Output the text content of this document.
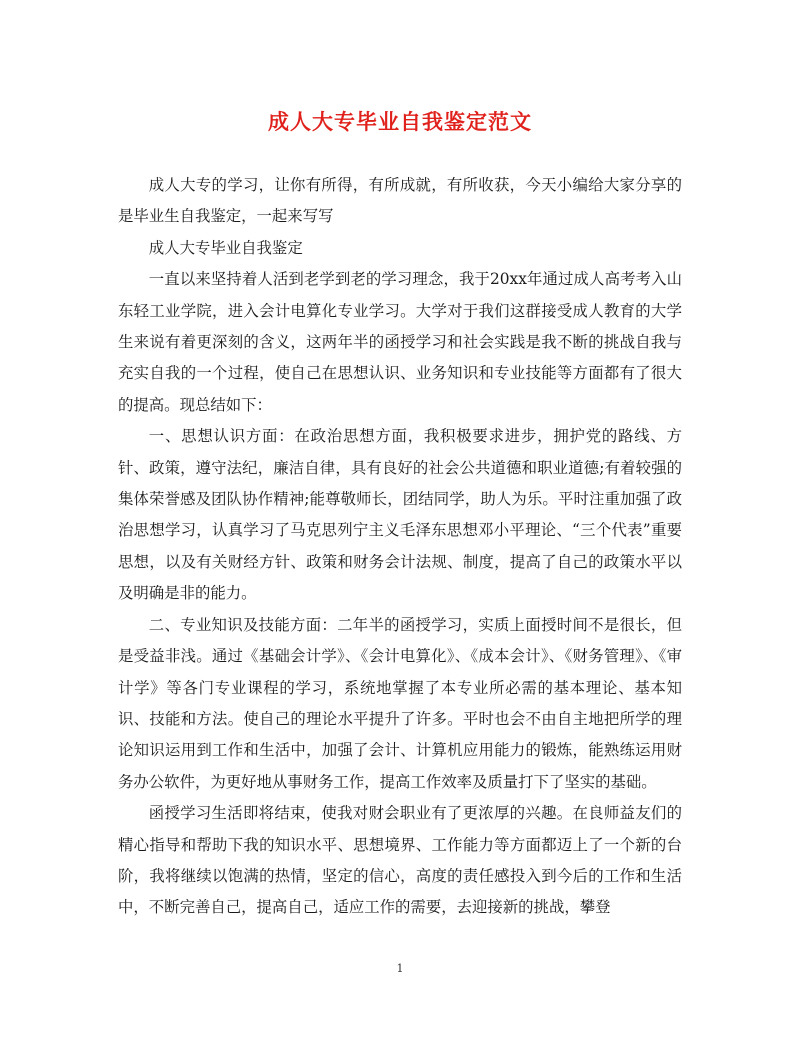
成人大专毕业自我鉴定范文

成人大专的学习，让你有所得，有所成就，有所收获，今天小编给大家分享的是毕业生自我鉴定，一起来写写

成人大专毕业自我鉴定

一直以来坚持着人活到老学到老的学习理念，我于20xx年通过成人高考考入山东轻工业学院，进入会计电算化专业学习。大学对于我们这群接受成人教育的大学生来说有着更深刻的含义，这两年半的函授学习和社会实践是我不断的挑战自我与充实自我的一个过程，使自己在思想认识、业务知识和专业技能等方面都有了很大的提高。现总结如下：

一、思想认识方面：在政治思想方面，我积极要求进步，拥护党的路线、方针、政策，遵守法纪，廉洁自律，具有良好的社会公共道德和职业道德;有着较强的集体荣誉感及团队协作精神;能尊敬师长，团结同学，助人为乐。平时注重加强了政治思想学习，认真学习了马克思列宁主义毛泽东思想邓小平理论、“三个代表”重要思想，以及有关财经方针、政策和财务会计法规、制度，提高了自己的政策水平以及明确是非的能力。

二、专业知识及技能方面：二年半的函授学习，实质上面授时间不是很长，但是受益非浅。通过《基础会计学》、《会计电算化》、《成本会计》、《财务管理》、《审计学》等各门专业课程的学习，系统地掌握了本专业所必需的基本理论、基本知识、技能和方法。使自己的理论水平提升了许多。平时也会不由自主地把所学的理论知识运用到工作和生活中，加强了会计、计算机应用能力的锻炼，能熟练运用财务办公软件，为更好地从事财务工作，提高工作效率及质量打下了坚实的基础。

函授学习生活即将结束，使我对财会职业有了更浓厚的兴趣。在良师益友们的精心指导和帮助下我的知识水平、思想境界、工作能力等方面都迈上了一个新的台阶，我将继续以饱满的热情，坚定的信心，高度的责任感投入到今后的工作和生活中，不断完善自己，提高自己，适应工作的需要，去迎接新的挑战，攀登

1
